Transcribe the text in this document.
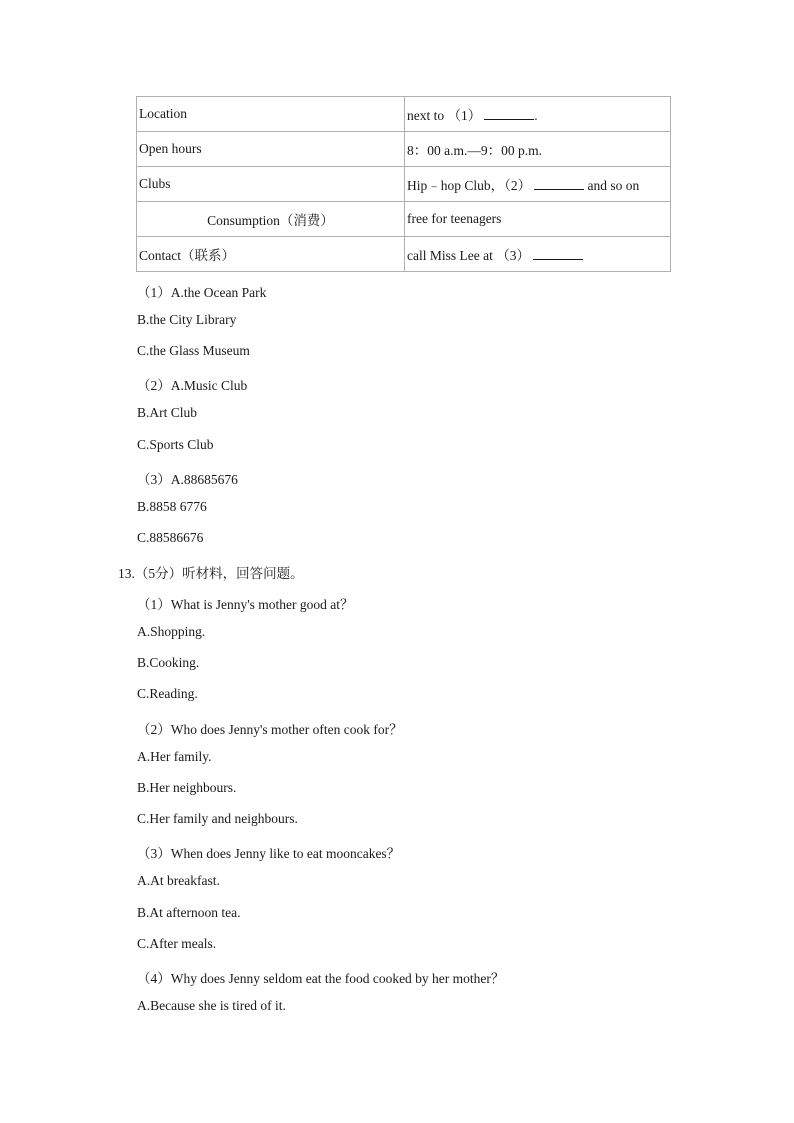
Location	next to （1） .
Open hours	8：00 a.m.—9：00 p.m.
Clubs	Hip﹣hop Club，（2） and so on
Consumption（消费）	free for teenagers
Contact（联系）	call Miss Lee at （3）
（1）A.the Ocean Park
B.the City Library
C.the Glass Museum
（2）A.Music Club
B.Art Club
C.Sports Club
（3）A.88685676
B.8858 6776
C.88586676
13.（5分）听材料，回答问题。
（1）What is Jenny's mother good at？
A.Shopping.
B.Cooking.
C.Reading.
（2）Who does Jenny's mother often cook for？
A.Her family.
B.Her neighbours.
C.Her family and neighbours.
（3）When does Jenny like to eat mooncakes？
A.At breakfast.
B.At afternoon tea.
C.After meals.
（4）Why does Jenny seldom eat the food cooked by her mother？
A.Because she is tired of it.
